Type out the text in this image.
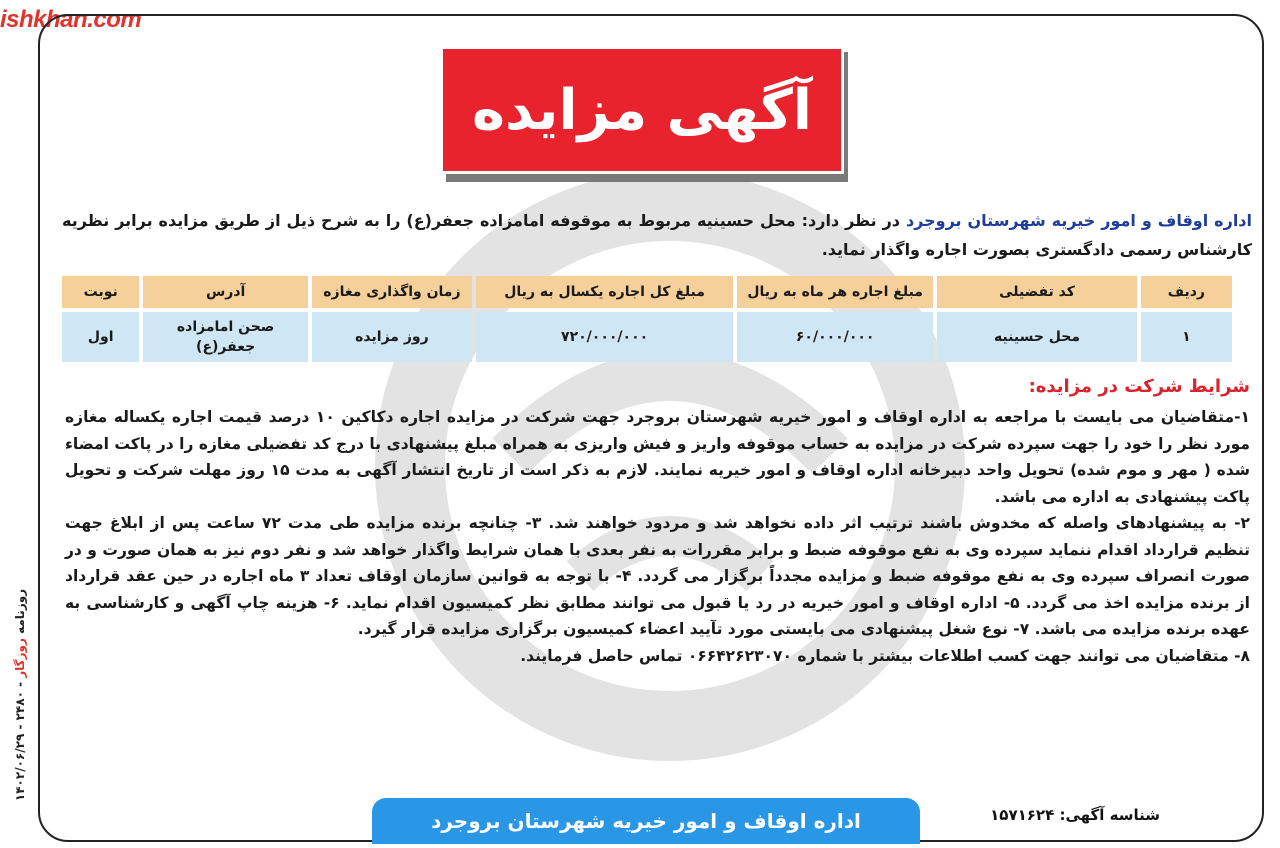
ishkhan.com
آگهی مزایده
اداره اوقاف و امور خیریه شهرستان بروجرد در نظر دارد: محل حسینیه مربوط به موقوفه امامزاده جعفر(ع) را به شرح ذیل از طریق مزایده برابر نظریه کارشناس رسمی دادگستری بصورت اجاره واگذار نماید.
ردیف	کد تفضیلی	مبلغ اجاره هر ماه به ریال	مبلغ کل اجاره یکسال به ریال	زمان واگذاری مغازه	آدرس	نوبت
۱	محل حسینیه	۶۰/۰۰۰/۰۰۰	۷۲۰/۰۰۰/۰۰۰	روز مزایده	صحن امامزاده جعفر(ع)	اول
شرایط شرکت در مزایده:

۱-متقاضیان می بایست با مراجعه به اداره اوقاف و امور خیریه شهرستان بروجرد جهت شرکت در مزایده اجاره دکاکین ۱۰ درصد قیمت اجاره یکساله مغازه مورد نظر را خود را جهت سپرده شرکت در مزایده به حساب موقوفه واریز و فیش واریزی به همراه مبلغ پیشنهادی با درج کد تفضیلی مغازه را در پاکت امضاء شده ( مهر و موم شده) تحویل واحد دبیرخانه اداره اوقاف و امور خیریه نمایند. لازم به ذکر است از تاریخ انتشار آگهی به مدت ۱۵ روز مهلت شرکت و تحویل پاکت پیشنهادی به اداره می باشد.

۲- به پیشنهادهای واصله که مخدوش باشند ترتیب اثر داده نخواهد شد و مردود خواهند شد. ۳- چنانچه برنده مزایده طی مدت ۷۲ ساعت پس از ابلاغ جهت تنظیم قرارداد اقدام ننماید سپرده وی به نفع موقوفه ضبط و برابر مقررات به نفر بعدی با همان شرایط واگذار خواهد شد و نفر دوم نیز به همان صورت و در صورت انصراف سپرده وی به نفع موقوفه ضبط و مزایده مجدداً برگزار می گردد. ۴- با توجه به قوانین سازمان اوقاف تعداد ۳ ماه اجاره در حین عقد قرارداد از برنده مزایده اخذ می گردد. ۵- اداره اوقاف و امور خیریه در رد یا قبول می توانند مطابق نظر کمیسیون اقدام نماید. ۶- هزینه چاپ آگهی و کارشناسی به عهده برنده مزایده می باشد. ۷- نوع شغل پیشنهادی می بایستی مورد تآیید اعضاء کمیسیون برگزاری مزایده قرار گیرد.

۸- متقاضیان می توانند جهت کسب اطلاعات بیشتر با شماره ۰۶۶۴۲۶۲۳۰۷۰ تماس حاصل فرمایند.

اداره اوقاف و امور خیریه شهرستان بروجرد	شناسه آگهی: ۱۵۷۱۶۲۴
روزنامه روزگار - ۲۴۸۰ - ۱۴۰۲/۰۶/۲۹
